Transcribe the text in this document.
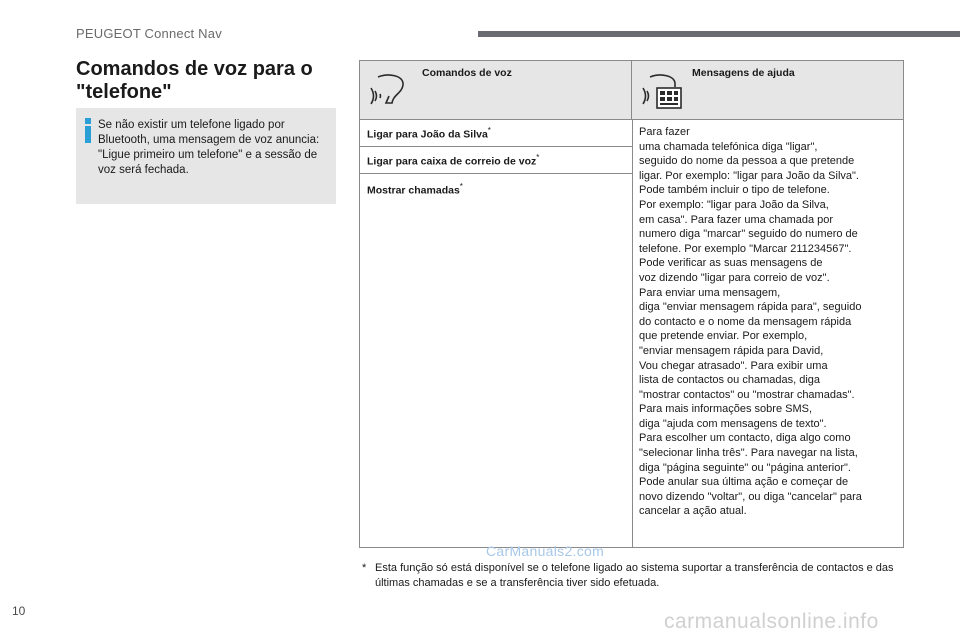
PEUGEOT Connect Nav
Comandos de voz para o "telefone"

Se não existir um telefone ligado por Bluetooth, uma mensagem de voz anuncia: "Ligue primeiro um telefone" e a sessão de voz será fechada.

Comandos de voz	Mensagens de ajuda
Ligar para João da Silva*
Ligar para caixa de correio de voz*
Mostrar chamadas*

Para fazer
uma chamada telefónica diga "ligar",
seguido do nome da pessoa a que pretende
ligar. Por exemplo: "ligar para João da Silva".
Pode também incluir o tipo de telefone.
Por exemplo: "ligar para João da Silva,
em casa". Para fazer uma chamada por
numero diga "marcar" seguido do numero de
telefone. Por exemplo "Marcar 211234567".
Pode verificar as suas mensagens de
voz dizendo "ligar para correio de voz".
Para enviar uma mensagem,
diga "enviar mensagem rápida para", seguido
do contacto e o nome da mensagem rápida
que pretende enviar. Por exemplo,
"enviar mensagem rápida para David,
Vou chegar atrasado". Para exibir uma
lista de contactos ou chamadas, diga
"mostrar contactos" ou "mostrar chamadas".
Para mais informações sobre SMS,
diga "ajuda com mensagens de texto".
Para escolher um contacto, diga algo como
"selecionar linha três". Para navegar na lista,
diga "página seguinte" ou "página anterior".
Pode anular sua última ação e começar de
novo dizendo "voltar", ou diga "cancelar" para
cancelar a ação atual.

* Esta função só está disponível se o telefone ligado ao sistema suportar a transferência de contactos e das últimas chamadas e se a transferência tiver sido efetuada.
CarManuals2.com
10	carmanualsonline.info
